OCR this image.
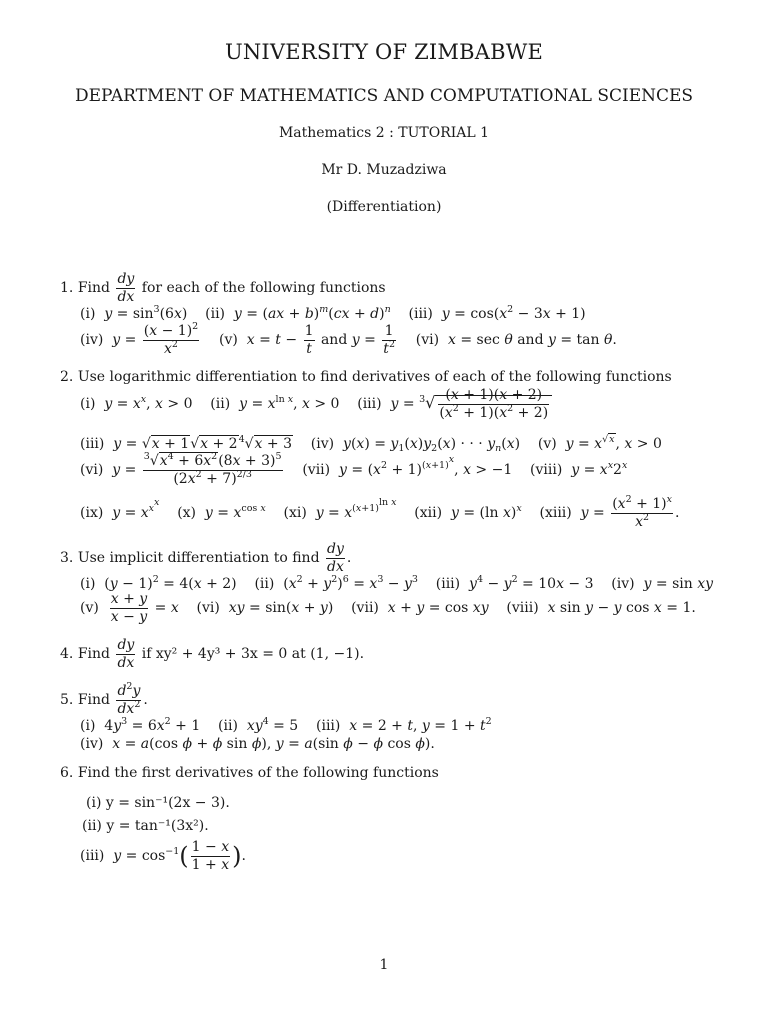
UNIVERSITY OF ZIMBABWE
DEPARTMENT OF MATHEMATICS AND COMPUTATIONAL SCIENCES
Mathematics 2 : TUTORIAL 1
Mr D. Muzadziwa
(Differentiation)
1. Find $\frac{dy}{dx}$ for each of the following functions
(i)  $y = \sin^3(6x)$    (ii)  y = (ax + b)$^m$(cx + d)$^n$    (iii)  $y = \cos(x^2 - 3x + 1)$
(iv)  $y = \frac{(x - 1)^2}{x^2} (v) x = t - \frac{1}{t}$ and $y = \frac{1}{t^2} (vi) x = \sec \theta$ and y = tan θ.
2. Use logarithmic differentiation to find derivatives of each of the following functions
(i)  $y = x^x$, x > 0    (ii)  $y = x^{ln x}$, x > 0    (iii)  $y = ^3√ \frac{(x + 1)(x + 2)}{(x^2 + 1)(x^2 + 2)}$
(iii)  $y = √x + 1√x + 2^4√x + 3$    (iv)  $y(x) = y_1(x)y_2(x)$ · · · $y_n(x)$    (v)  $y = x^{√x}$, x > 0
(vi)  $y = \frac{^3√x^4 + 6x^2(8x + 3)^5}{(2x^2 + 7)^{2/3}} (vii) y = (x^2 + 1)^{(x+1)^x}$, x > −1    (viii)  $y = x^x2^x$
(ix)  $y = x^{x^x}$    (x)  $y = x^{cos x}$    (xi)  $y = x^{(x+1)^{ln x}}$    (xii)  y = (ln x)$^x$    (xiii)  $y = \frac{(x^2 + 1)^x}{x^2}$ .
3. Use implicit differentiation to find $\frac{dy}{dx}$ .
(i)  $(y - 1)^2 = 4(x + 2)$    (ii)  $(x^2 + y^2)^6 = x^3 - y^3$    (iii)  $y^4 - y^2 = 10x - 3$    (iv)  y = sin xy
$(v) \frac{x + y}{x - y} = x$    (vi)  xy = sin(x + y)    (vii)  x + y = cos xy    (viii)  x sin y − y cos x = 1.
4. Find $\frac{dy}{dx}$ if xy² + 4y³ + 3x = 0 at (1, −1).
5. Find $\frac{d^2y}{dx^2}$ .
(i)  $4y^3 = 6x^2 + 1$    (ii)  $xy^4 = 5$    (iii)  x = 2 + t, $y = 1 + t^2$
(iv)  x = a(cos ϕ + ϕ sin ϕ), y = a(sin ϕ − ϕ cos ϕ).
6. Find the first derivatives of the following functions
(i) y = sin⁻¹(2x − 3).
(ii) y = tan⁻¹(3x²).
(iii)  $y = \cos^{-1}( \frac{1 - x}{1 + x}$ ).
1
